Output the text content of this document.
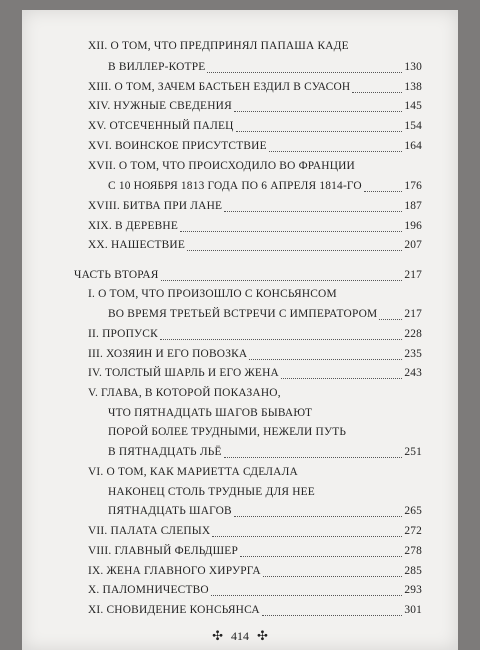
XII. О ТОМ, ЧТО ПРЕДПРИНЯЛ ПАПАША КАДЕ
В ВИЛЛЕР-КОТРЕ	130
XIII. О ТОМ, ЗАЧЕМ БАСТЬЕН ЕЗДИЛ В СУАСОН	138
XIV. НУЖНЫЕ СВЕДЕНИЯ	145
XV. ОТСЕЧЕННЫЙ ПАЛЕЦ	154
XVI. ВОИНСКОЕ ПРИСУТСТВИЕ	164
XVII. О ТОМ, ЧТО ПРОИСХОДИЛО ВО ФРАНЦИИ
С 10 НОЯБРЯ 1813 ГОДА ПО 6 АПРЕЛЯ 1814-ГО	176
XVIII. БИТВА ПРИ ЛАНЕ	187
XIX. В ДЕРЕВНЕ	196
XX. НАШЕСТВИЕ	207
ЧАСТЬ ВТОРАЯ	217
I. О ТОМ, ЧТО ПРОИЗОШЛО С КОНСЬЯНСОМ
ВО ВРЕМЯ ТРЕТЬЕЙ ВСТРЕЧИ С ИМПЕРАТОРОМ 217
II. ПРОПУСК	228
III. ХОЗЯИН И ЕГО ПОВОЗКА	235
IV. ТОЛСТЫЙ ШАРЛЬ И ЕГО ЖЕНА	243
V. ГЛАВА, В КОТОРОЙ ПОКАЗАНО,
ЧТО ПЯТНАДЦАТЬ ШАГОВ БЫВАЮТ
ПОРОЙ БОЛЕЕ ТРУДНЫМИ, НЕЖЕЛИ ПУТЬ
В ПЯТНАДЦАТЬ ЛЬЁ	251
VI. О ТОМ, КАК МАРИЕТТА СДЕЛАЛА
НАКОНЕЦ СТОЛЬ ТРУДНЫЕ ДЛЯ НЕЕ
ПЯТНАДЦАТЬ ШАГОВ	265
VII. ПАЛАТА СЛЕПЫХ	272
VIII. ГЛАВНЫЙ ФЕЛЬДШЕР	278
IX. ЖЕНА ГЛАВНОГО ХИРУРГА	285
X. ПАЛОМНИЧЕСТВО	293
XI. СНОВИДЕНИЕ КОНСЬЯНСА	301
✣ 414 ✣
